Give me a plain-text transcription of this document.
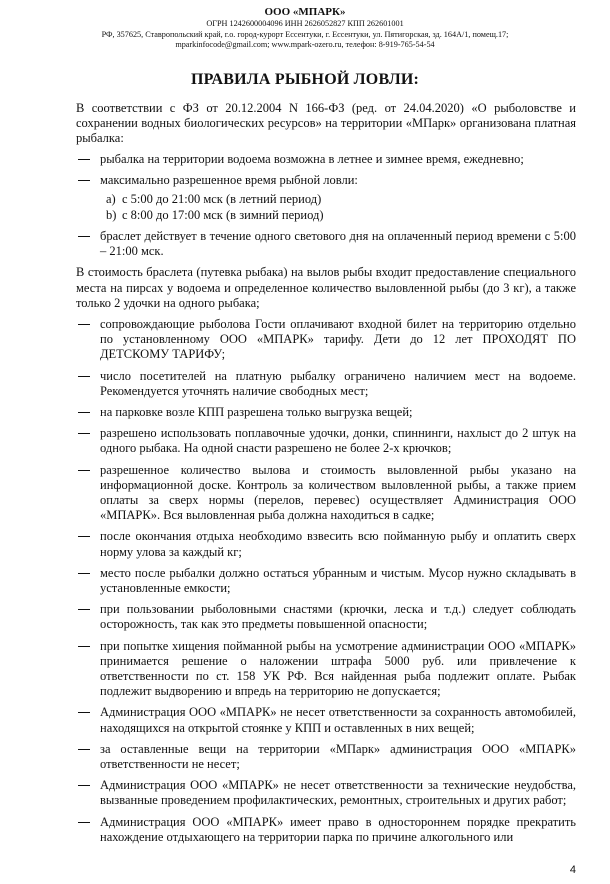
ООО «МПАРК»
ОГРН 1242600004096 ИНН 2626052827 КПП 262601001
РФ, 357625, Ставропольский край, г.о. город-курорт Ессентуки, г. Ессентуки, ул. Пятигорская, зд. 164А/1, помещ.17;
mparkinfocode@gmail.com; www.mpark-ozero.ru, телефон: 8-919-765-54-54
ПРАВИЛА РЫБНОЙ ЛОВЛИ:

В соответствии с ФЗ от 20.12.2004 N 166-ФЗ (ред. от 24.04.2020) «О рыболовстве и сохранении водных биологических ресурсов» на территории «МПарк» организована платная рыбалка:

рыбалка на территории водоема возможна в летнее и зимнее время, ежедневно;
максимально разрешенное время рыбной ловли:
a) с 5:00 до 21:00 мск (в летний период)
b) с 8:00 до 17:00 мск (в зимний период)
браслет действует в течение одного светового дня на оплаченный период времени с 5:00 – 21:00 мск.

В стоимость браслета (путевка рыбака) на вылов рыбы входит предоставление специального места на пирсах у водоема и определенное количество выловленной рыбы (до 3 кг), а также только 2 удочки на одного рыбака;

сопровождающие рыболова Гости оплачивают входной билет на территорию отдельно по установленному ООО «МПАРК» тарифу. Дети до 12 лет ПРОХОДЯТ ПО ДЕТСКОМУ ТАРИФУ;
число посетителей на платную рыбалку ограничено наличием мест на водоеме. Рекомендуется уточнять наличие свободных мест;
на парковке возле КПП разрешена только выгрузка вещей;
разрешено использовать поплавочные удочки, донки, спиннинги, нахлыст до 2 штук на одного рыбака. На одной снасти разрешено не более 2-х крючков;
разрешенное количество вылова и стоимость выловленной рыбы указано на информационной доске. Контроль за количеством выловленной рыбы, а также прием оплаты за сверх нормы (перелов, перевес) осуществляет Администрация ООО «МПАРК». Вся выловленная рыба должна находиться в садке;
после окончания отдыха необходимо взвесить всю пойманную рыбу и оплатить сверх норму улова за каждый кг;
место после рыбалки должно остаться убранным и чистым. Мусор нужно складывать в установленные емкости;
при пользовании рыболовными снастями (крючки, леска и т.д.) следует соблюдать осторожность, так как это предметы повышенной опасности;
при попытке хищения пойманной рыбы на усмотрение администрации ООО «МПАРК» принимается решение о наложении штрафа 5000 руб. или привлечение к ответственности по ст. 158 УК РФ. Вся найденная рыба подлежит оплате. Рыбак подлежит выдворению и впредь на территорию не допускается;
Администрация ООО «МПАРК» не несет ответственности за сохранность автомобилей, находящихся на открытой стоянке у КПП и оставленных в них вещей;
за оставленные вещи на территории «МПарк» администрация ООО «МПАРК» ответственности не несет;
Администрация ООО «МПАРК» не несет ответственности за технические неудобства, вызванные проведением профилактических, ремонтных, строительных и других работ;
Администрация ООО «МПАРК» имеет право в одностороннем порядке прекратить нахождение отдыхающего на территории парка по причине алкогольного или
4
